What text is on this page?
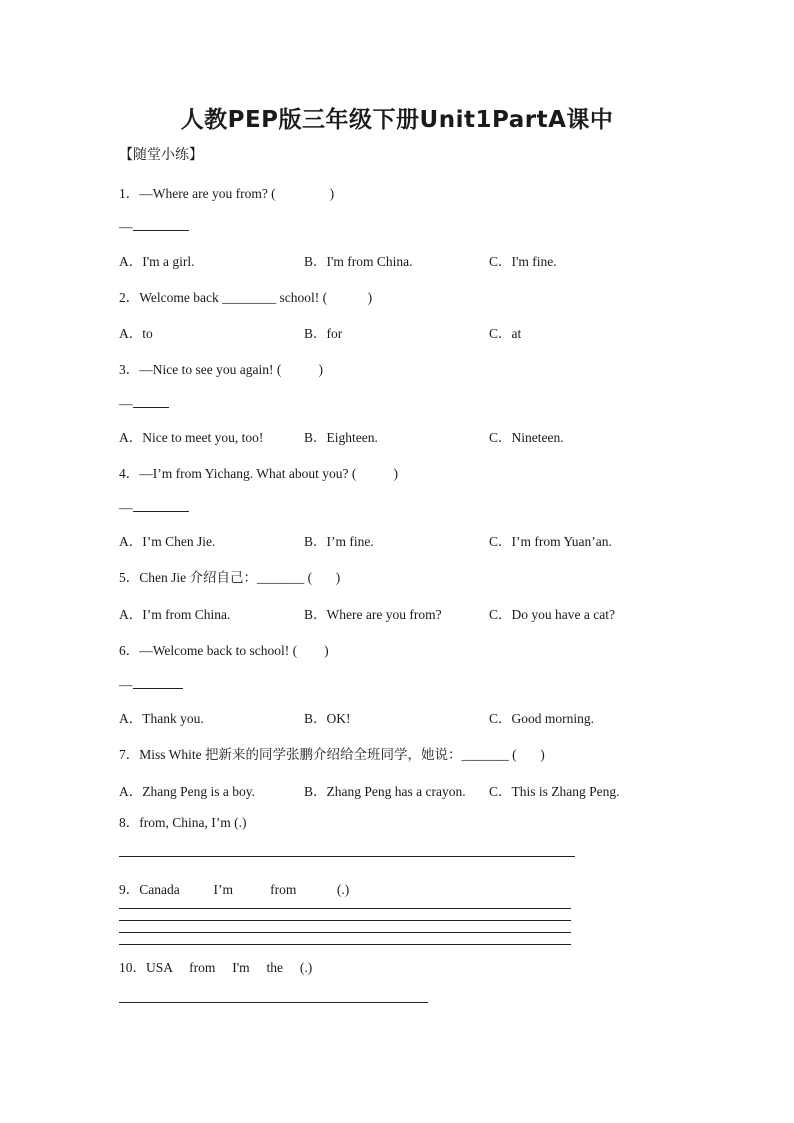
人教PEP版三年级下册Unit1PartA课中
【随堂小练】
1．—Where are you from? (                )
—
A．I'm a girl.	B．I'm from China.	C．I'm fine.
2．Welcome back ________ school! (            )
A．to	B．for	C．at
3．—Nice to see you again! (           )
—
A．Nice to meet you, too!	B．Eighteen.	C．Nineteen.
4．—I’m from Yichang. What about you? (           )
—
A．I’m Chen Jie.	B．I’m fine.	C．I’m from Yuan’an.
5．Chen Jie 介绍自己：_______ (       )
A．I’m from China.	B．Where are you from?	C．Do you have a cat?
6．—Welcome back to school! (        )
—
A．Thank you.	B．OK!	C．Good morning.
7．Miss White 把新来的同学张鹏介绍给全班同学，她说：_______ (       )
A．Zhang Peng is a boy.	B．Zhang Peng has a crayon. C．This is Zhang Peng.
8．from, China, I’m (.)
9．Canada          I’m           from            (.)
10．USA     from     I'm     the     (.)
